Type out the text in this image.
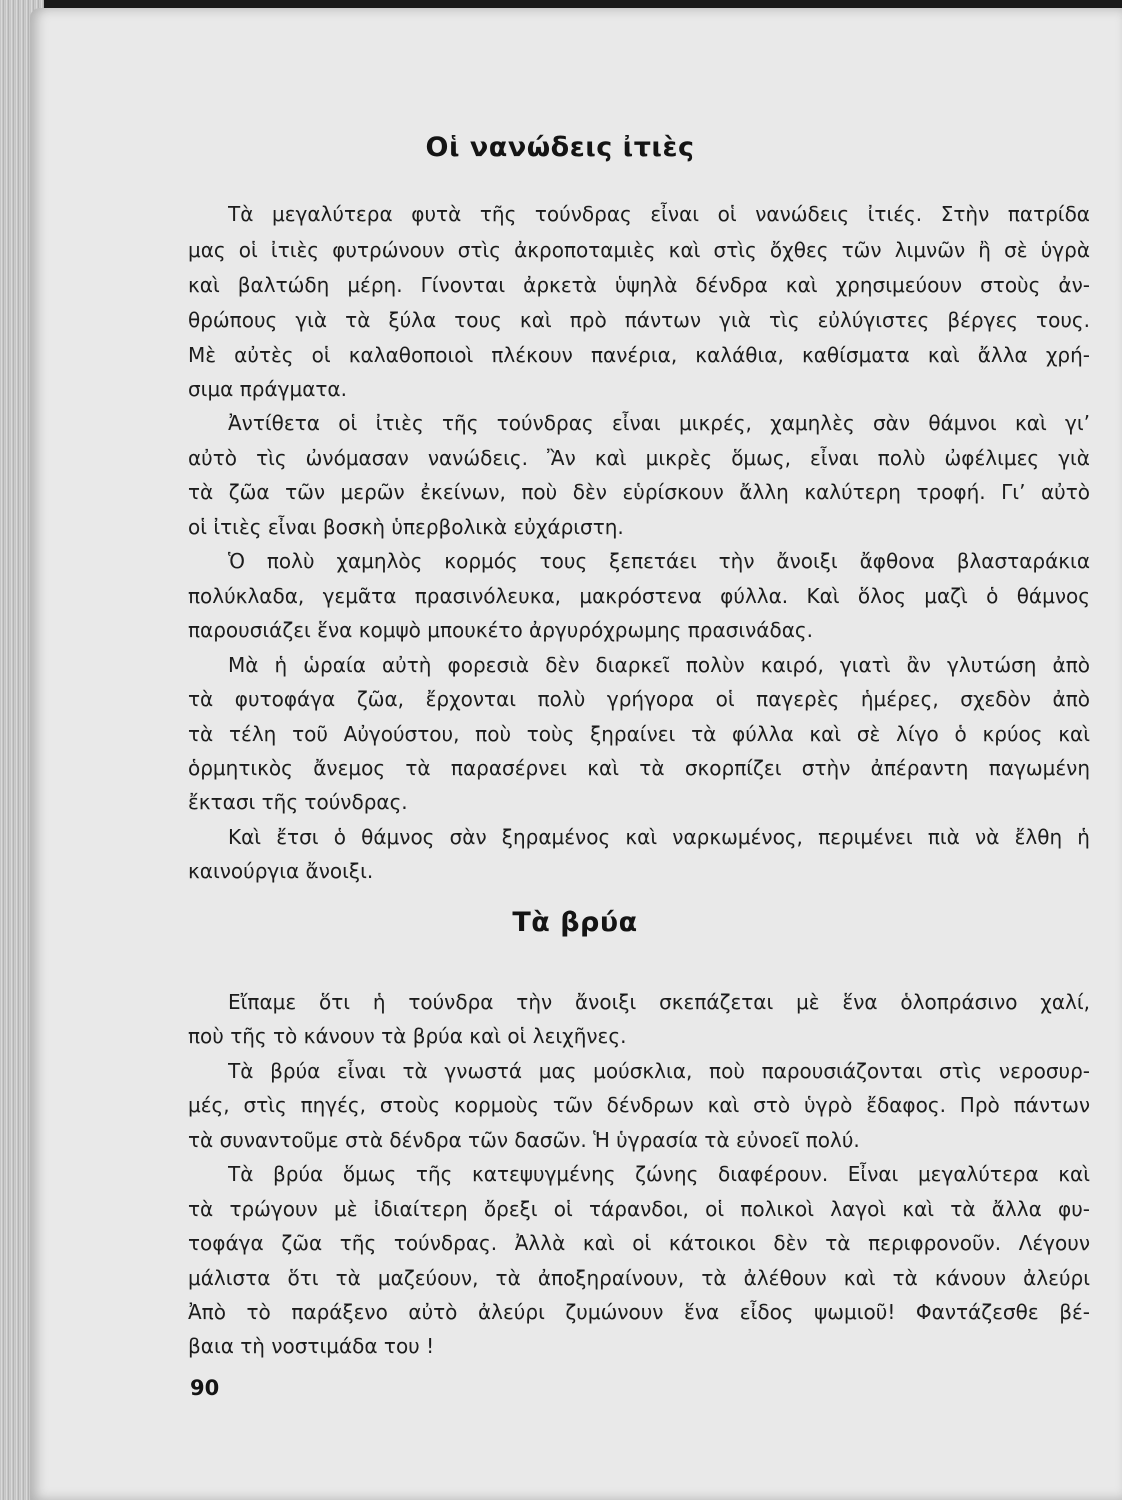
Οἱ νανώδεις ἰτιὲς

Τὰ μεγαλύτερα φυτὰ τῆς τούνδρας εἶναι οἱ νανώδεις ἰτιές. Στὴν πατρίδα

μας οἱ ἰτιὲς φυτρώνουν στὶς ἀκροποταμιὲς καὶ στὶς ὄχθες τῶν λιμνῶν ἢ σὲ ὑγρὰ

καὶ βαλτώδη μέρη. Γίνονται ἀρκετὰ ὑψηλὰ δένδρα καὶ χρησιμεύουν στοὺς ἀν-

θρώπους γιὰ τὰ ξύλα τους καὶ πρὸ πάντων γιὰ τὶς εὐλύγιστες βέργες τους.

Μὲ αὐτὲς οἱ καλαθοποιοὶ πλέκουν πανέρια, καλάθια, καθίσματα καὶ ἄλλα χρή-

σιμα πράγματα.

Ἀντίθετα οἱ ἰτιὲς τῆς τούνδρας εἶναι μικρές, χαμηλὲς σὰν θάμνοι καὶ γι’

αὐτὸ τὶς ὠνόμασαν νανώδεις. Ἂν καὶ μικρὲς ὅμως, εἶναι πολὺ ὠφέλιμες γιὰ

τὰ ζῶα τῶν μερῶν ἐκείνων, ποὺ δὲν εὑρίσκουν ἄλλη καλύτερη τροφή. Γι’ αὐτὸ

οἱ ἰτιὲς εἶναι βοσκὴ ὑπερβολικὰ εὐχάριστη.

Ὁ πολὺ χαμηλὸς κορμός τους ξεπετάει τὴν ἄνοιξι ἄφθονα βλασταράκια

πολύκλαδα, γεμᾶτα πρασινόλευκα, μακρόστενα φύλλα. Καὶ ὅλος μαζὶ ὁ θάμνος

παρουσιάζει ἕνα κομψὸ μπουκέτο ἀργυρόχρωμης πρασινάδας.

Μὰ ἡ ὡραία αὐτὴ φορεσιὰ δὲν διαρκεῖ πολὺν καιρό, γιατὶ ἂν γλυτώση ἀπὸ

τὰ φυτοφάγα ζῶα, ἔρχονται πολὺ γρήγορα οἱ παγερὲς ἡμέρες, σχεδὸν ἀπὸ

τὰ τέλη τοῦ Αὐγούστου, ποὺ τοὺς ξηραίνει τὰ φύλλα καὶ σὲ λίγο ὁ κρύος καὶ

ὁρμητικὸς ἄνεμος τὰ παρασέρνει καὶ τὰ σκορπίζει στὴν ἀπέραντη παγωμένη

ἔκτασι τῆς τούνδρας.

Καὶ ἔτσι ὁ θάμνος σὰν ξηραμένος καὶ ναρκωμένος, περιμένει πιὰ νὰ ἔλθη ἡ

καινούργια ἄνοιξι.

Τὰ βρύα

Εἴπαμε ὅτι ἡ τούνδρα τὴν ἄνοιξι σκεπάζεται μὲ ἕνα ὁλοπράσινο χαλί,

ποὺ τῆς τὸ κάνουν τὰ βρύα καὶ οἱ λειχῆνες.

Τὰ βρύα εἶναι τὰ γνωστά μας μούσκλια, ποὺ παρουσιάζονται στὶς νεροσυρ-

μές, στὶς πηγές, στοὺς κορμοὺς τῶν δένδρων καὶ στὸ ὑγρὸ ἔδαφος. Πρὸ πάντων

τὰ συναντοῦμε στὰ δένδρα τῶν δασῶν. Ἡ ὑγρασία τὰ εὐνοεῖ πολύ.

Τὰ βρύα ὅμως τῆς κατεψυγμένης ζώνης διαφέρουν. Εἶναι μεγαλύτερα καὶ

τὰ τρώγουν μὲ ἰδιαίτερη ὄρεξι οἱ τάρανδοι, οἱ πολικοὶ λαγοὶ καὶ τὰ ἄλλα φυ-

τοφάγα ζῶα τῆς τούνδρας. Ἀλλὰ καὶ οἱ κάτοικοι δὲν τὰ περιφρονοῦν. Λέγουν

μάλιστα ὅτι τὰ μαζεύουν, τὰ ἀποξηραίνουν, τὰ ἀλέθουν καὶ τὰ κάνουν ἀλεύρι

Ἀπὸ τὸ παράξενο αὐτὸ ἀλεύρι ζυμώνουν ἕνα εἶδος ψωμιοῦ! Φαντάζεσθε βέ-

βαια τὴ νοστιμάδα του !

90
